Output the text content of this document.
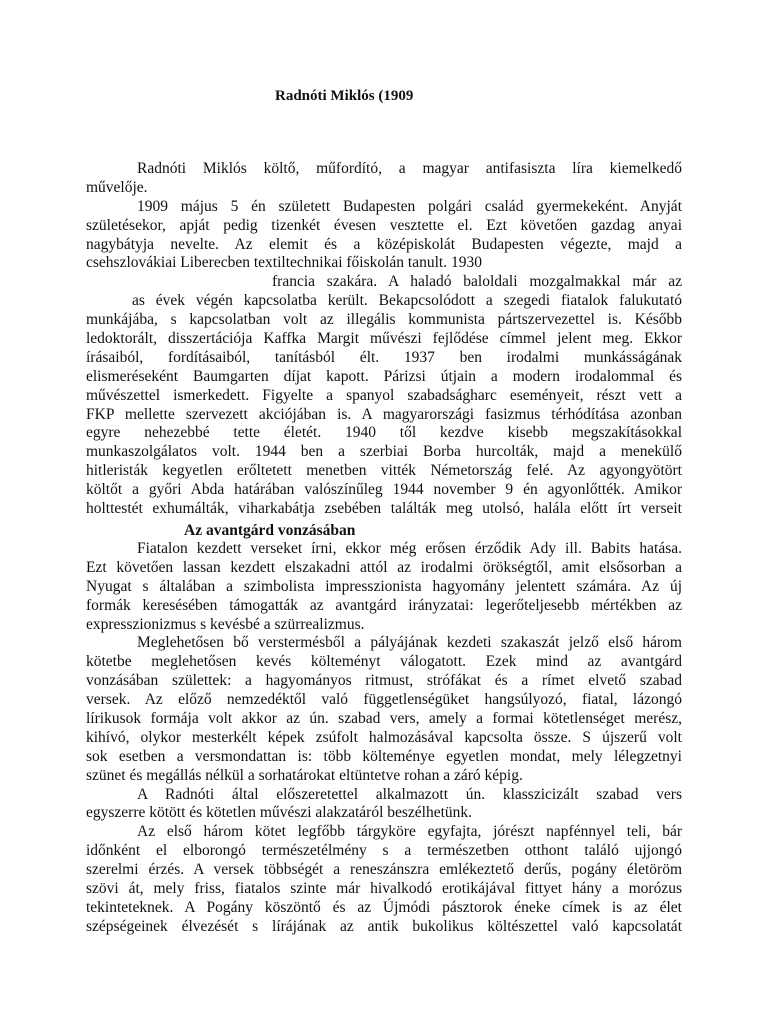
Radnóti Miklós (1909
Radnóti Miklós költő, műfordító, a magyar antifasiszta líra kiemelkedő
művelője.
1909 május 5 én született Budapesten polgári család gyermekeként. Anyját
születésekor, apját pedig tizenkét évesen vesztette el. Ezt követően gazdag anyai
nagybátyja nevelte. Az elemit és a középiskolát Budapesten végezte, majd a
csehszlovákiai Liberecben textiltechnikai főiskolán tanult. 1930
francia szakára. A haladó baloldali mozgalmakkal már az
as évek végén kapcsolatba került. Bekapcsolódott a szegedi fiatalok falukutató
munkájába, s kapcsolatban volt az illegális kommunista pártszervezettel is. Később
ledoktorált, disszertációja Kaffka Margit művészi fejlődése címmel jelent meg. Ekkor
írásaiból, fordításaiból, tanításból élt. 1937 ben irodalmi munkásságának
elismeréseként Baumgarten díjat kapott. Párizsi útjain a modern irodalommal és
művészettel ismerkedett. Figyelte a spanyol szabadságharc eseményeit, részt vett a
FKP mellette szervezett akciójában is. A magyarországi fasizmus térhódítása azonban
egyre nehezebbé tette életét. 1940 től kezdve kisebb megszakításokkal
munkaszolgálatos volt. 1944 ben a szerbiai Borba hurcolták, majd a menekülő
hitleristák kegyetlen erőltetett menetben vitték Németország felé. Az agyongyötört
költőt a győri Abda határában valószínűleg 1944 november 9 én agyonlőtték. Amikor
holttestét exhumálták, viharkabátja zsebében találták meg utolsó, halála előtt írt verseit
Az avantgárd vonzásában
Fiatalon kezdett verseket írni, ekkor még erősen érződik Ady ill. Babits hatása.
Ezt követően lassan kezdett elszakadni attól az irodalmi örökségtől, amit elsősorban a
Nyugat s általában a szimbolista impresszionista hagyomány jelentett számára. Az új
formák keresésében támogatták az avantgárd irányzatai: legerőteljesebb mértékben az
expresszionizmus s kevésbé a szürrealizmus.
Meglehetősen bő verstermésből a pályájának kezdeti szakaszát jelző első három
kötetbe meglehetősen kevés költeményt válogatott. Ezek mind az avantgárd
vonzásában születtek: a hagyományos ritmust, strófákat és a rímet elvető szabad
versek. Az előző nemzedéktől való függetlenségüket hangsúlyozó, fiatal, lázongó
lírikusok formája volt akkor az ún. szabad vers, amely a formai kötetlenséget merész,
kihívó, olykor mesterkélt képek zsúfolt halmozásával kapcsolta össze. S újszerű volt
sok esetben a versmondattan is: több költeménye egyetlen mondat, mely lélegzetnyi
szünet és megállás nélkül a sorhatárokat eltüntetve rohan a záró képig.
A Radnóti által előszeretettel alkalmazott ún. klasszicizált szabad vers
egyszerre kötött és kötetlen művészi alakzatáról beszélhetünk.
Az első három kötet legfőbb tárgyköre egyfajta, jórészt napfénnyel teli, bár
időnként el elborongó természetélmény s a természetben otthont találó ujjongó
szerelmi érzés. A versek többségét a reneszánszra emlékeztető derűs, pogány életöröm
szövi át, mely friss, fiatalos szinte már hivalkodó erotikájával fittyet hány a morózus
tekinteteknek. A Pogány köszöntő és az Újmódi pásztorok éneke címek is az élet
szépségeinek élvezését s lírájának az antik bukolikus költészettel való kapcsolatát
